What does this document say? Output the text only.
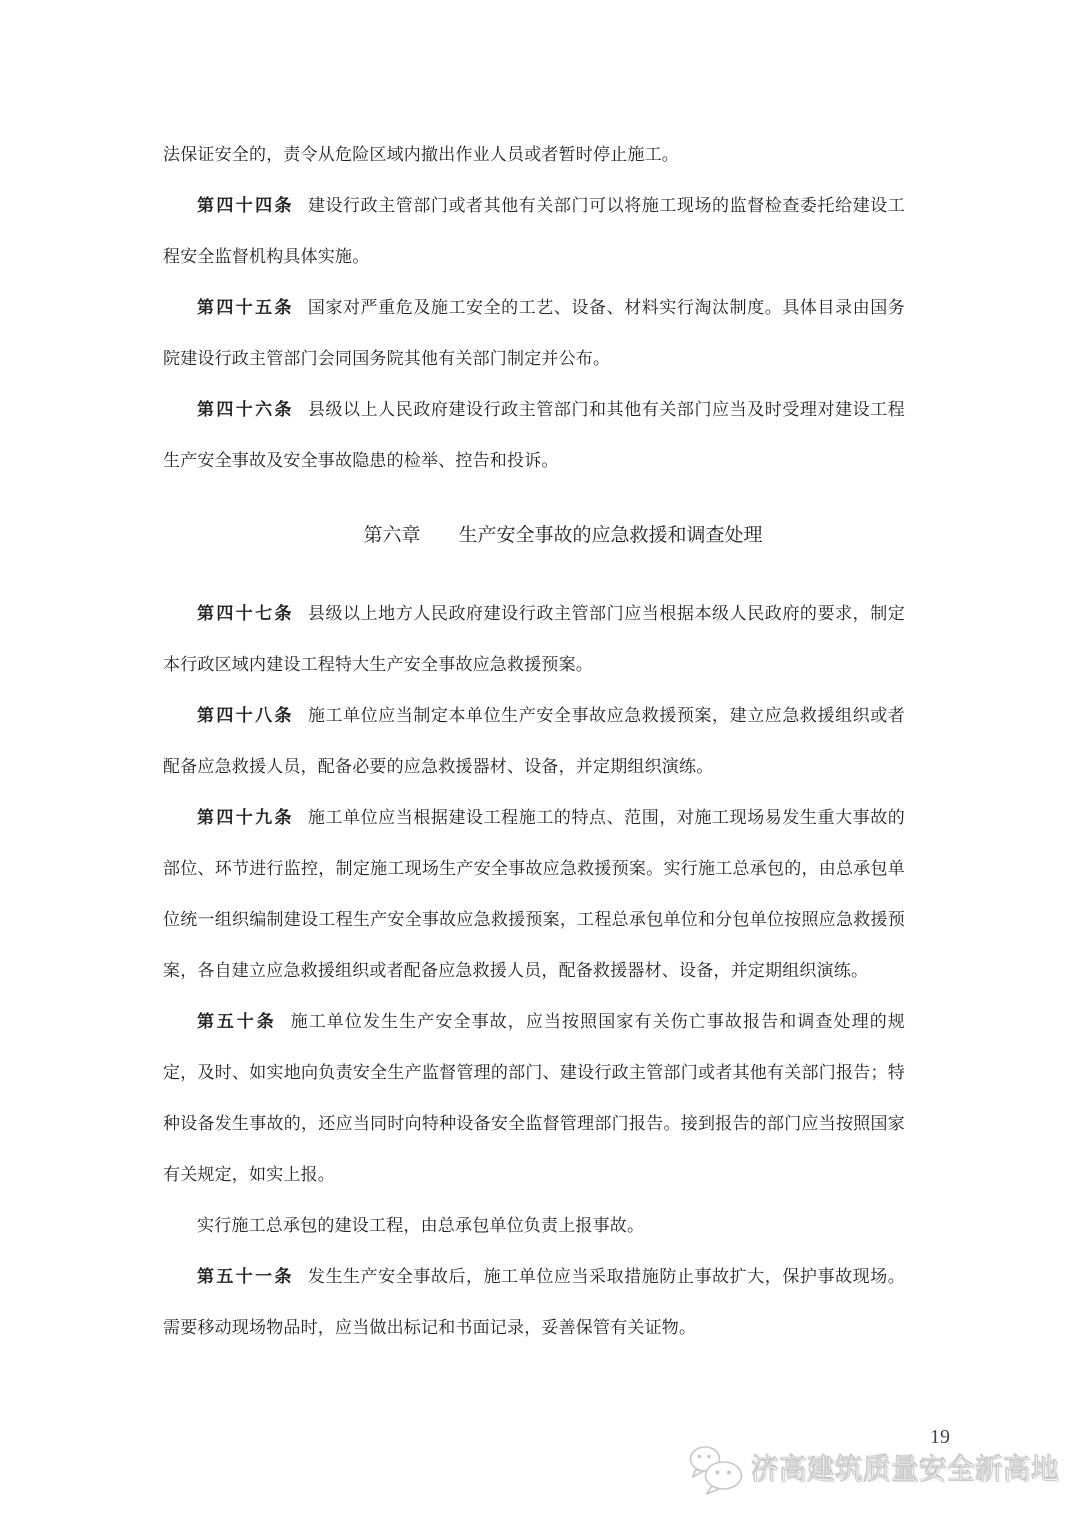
法保证安全的，责令从危险区域内撤出作业人员或者暂时停止施工。

第四十四条 建设行政主管部门或者其他有关部门可以将施工现场的监督检查委托给建设工程安全监督机构具体实施。

第四十五条 国家对严重危及施工安全的工艺、设备、材料实行淘汰制度。具体目录由国务院建设行政主管部门会同国务院其他有关部门制定并公布。

第四十六条 县级以上人民政府建设行政主管部门和其他有关部门应当及时受理对建设工程生产安全事故及安全事故隐患的检举、控告和投诉。

第六章　　生产安全事故的应急救援和调查处理

第四十七条 县级以上地方人民政府建设行政主管部门应当根据本级人民政府的要求，制定本行政区域内建设工程特大生产安全事故应急救援预案。

第四十八条 施工单位应当制定本单位生产安全事故应急救援预案，建立应急救援组织或者配备应急救援人员，配备必要的应急救援器材、设备，并定期组织演练。

第四十九条 施工单位应当根据建设工程施工的特点、范围，对施工现场易发生重大事故的部位、环节进行监控，制定施工现场生产安全事故应急救援预案。实行施工总承包的，由总承包单位统一组织编制建设工程生产安全事故应急救援预案，工程总承包单位和分包单位按照应急救援预案，各自建立应急救援组织或者配备应急救援人员，配备救援器材、设备，并定期组织演练。

第五十条 施工单位发生生产安全事故，应当按照国家有关伤亡事故报告和调查处理的规定，及时、如实地向负责安全生产监督管理的部门、建设行政主管部门或者其他有关部门报告；特种设备发生事故的，还应当同时向特种设备安全监督管理部门报告。接到报告的部门应当按照国家有关规定，如实上报。

实行施工总承包的建设工程，由总承包单位负责上报事故。

第五十一条 发生生产安全事故后，施工单位应当采取措施防止事故扩大，保护事故现场。需要移动现场物品时，应当做出标记和书面记录，妥善保管有关证物。

19
济高建筑质量安全新高地
